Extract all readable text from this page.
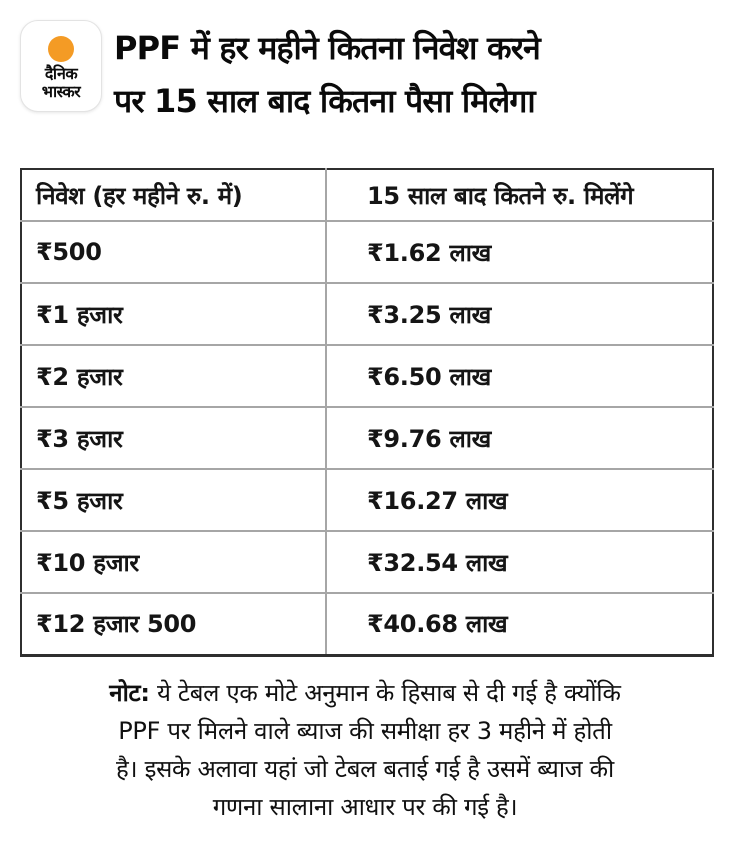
दैनिक
भास्कर
PPF में हर महीने कितना निवेश करने
पर 15 साल बाद कितना पैसा मिलेगा
निवेश (हर महीने रु. में)	15 साल बाद कितने रु. मिलेंगे
₹500	₹1.62 लाख
₹1 हजार	₹3.25 लाख
₹2 हजार	₹6.50 लाख
₹3 हजार	₹9.76 लाख
₹5 हजार	₹16.27 लाख
₹10 हजार	₹32.54 लाख
₹12 हजार 500	₹40.68 लाख
नोट: ये टेबल एक मोटे अनुमान के हिसाब से दी गई है क्योंकि
PPF पर मिलने वाले ब्याज की समीक्षा हर 3 महीने में होती
है। इसके अलावा यहां जो टेबल बताई गई है उसमें ब्याज की
गणना सालाना आधार पर की गई है।
